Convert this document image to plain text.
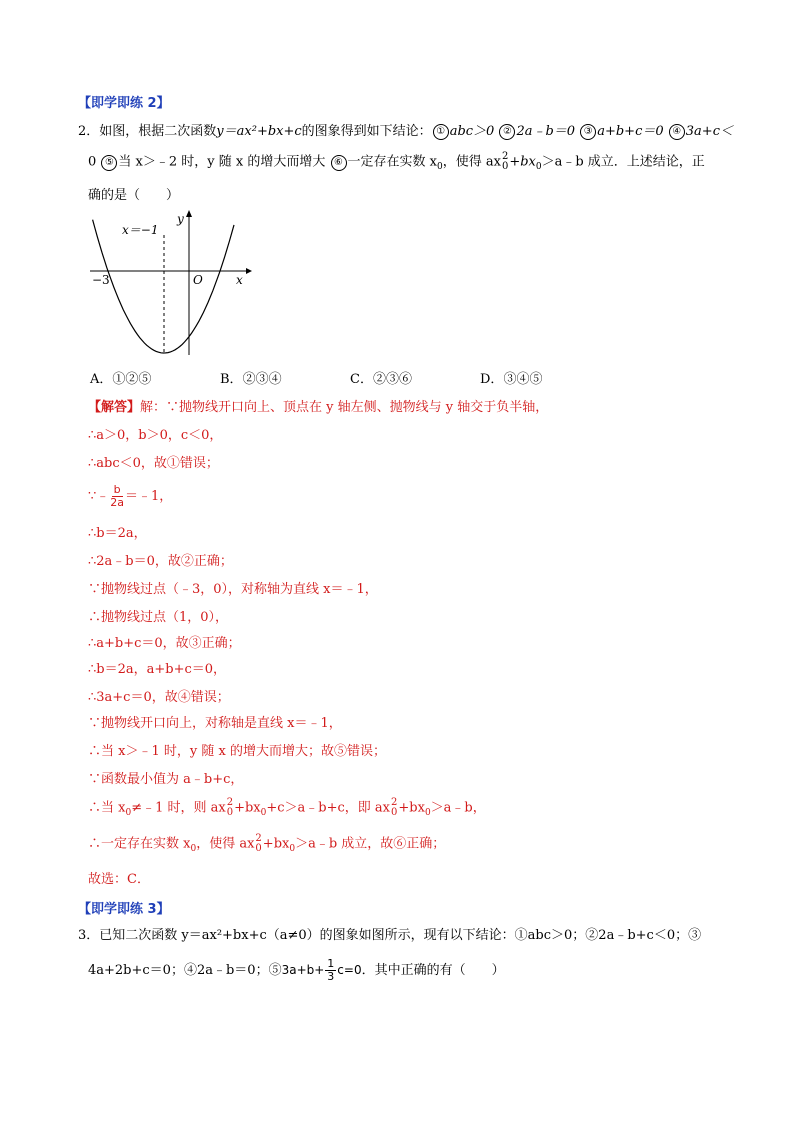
【即学即练 2】
2．如图，根据二次函数y＝ax²+bx+c的图象得到如下结论： ① abc＞0 ② 2a﹣b＝0 ③ a+b+c＝0 ④ 3a+c＜
0 ⑤ 当 x＞﹣2 时，y 随 x 的增大而增大 ⑥ 一定存在实数 $x_0$，使得 ax 2
$0 +bx_0>a﹣b$ 成立．上述结论，正
确的是（　　）
x
y
O
−3
x＝−1
A．①②⑤	B．②③④	C．②③⑥	D．③④⑤
【解答】解：∵抛物线开口向上、顶点在 y 轴左侧、抛物线与 y 轴交于负半轴，
∴a＞0，b＞0，c＜0，
∴abc＜0，故①错误；
∵﹣ $\frac{b}{2a}$ ＝﹣1，
∴b＝2a，
∴2a﹣b＝0，故②正确；
∵抛物线过点（﹣3，0），对称轴为直线 x＝﹣1，
∴抛物线过点（1，0），
∴a+b+c＝0，故③正确；
∴b＝2a，a+b+c＝0，
∴3a+c＝0，故④错误；
∵抛物线开口向上，对称轴是直线 x＝﹣1，
∴当 x＞﹣1 时，y 随 x 的增大而增大；故⑤错误；
∵函数最小值为 a﹣b+c，
∴当 $x_0\ne﹣1$ 时，则 ax 2
$0 +bx_0+c>a﹣b+c$，即 ax 2
$0 +bx_0>a﹣b$，
∴一定存在实数 $x_0$，使得 ax 2
$0 +bx_0>a﹣b$ 成立，故⑥正确；
故选：C．
【即学即练 3】
3．已知二次函数 y＝ax²+bx+c（a≠0）的图象如图所示，现有以下结论：①abc＞0；②2a﹣b+c＜0；③
4a+2b+c＝0；④2a﹣b＝0；⑤3a+b+ $\frac{1}{3} c=0$．其中正确的有（　　）
